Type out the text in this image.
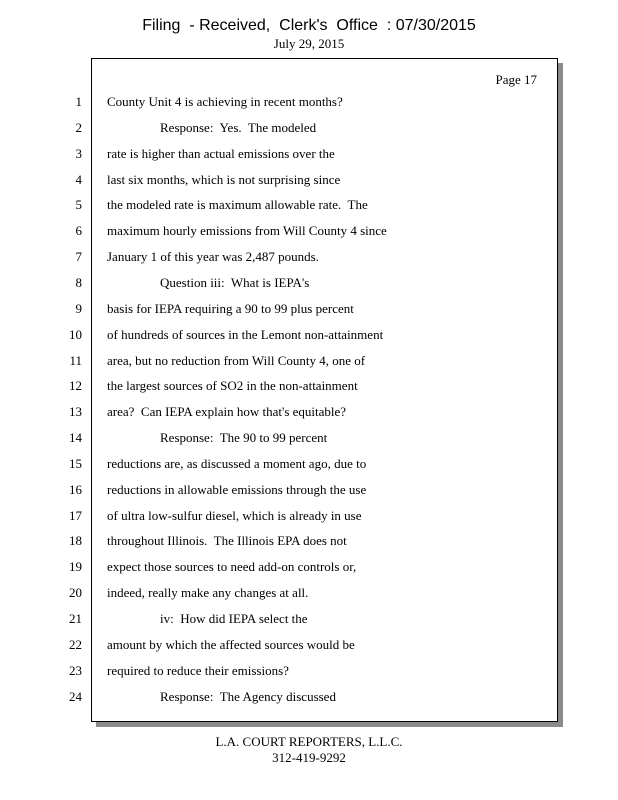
Filing  - Received,  Clerk's  Office  : 07/30/2015
July 29, 2015
Page 17
1 County Unit 4 is achieving in recent months?
2	Response:  Yes.  The modeled
3 rate is higher than actual emissions over the
4 last six months, which is not surprising since
5 the modeled rate is maximum allowable rate.  The
6 maximum hourly emissions from Will County 4 since
7 January 1 of this year was 2,487 pounds.
8	Question iii:  What is IEPA's
9 basis for IEPA requiring a 90 to 99 plus percent
10 of hundreds of sources in the Lemont non-attainment
11 area, but no reduction from Will County 4, one of
12 the largest sources of SO2 in the non-attainment
13 area?  Can IEPA explain how that's equitable?
14	Response:  The 90 to 99 percent
15 reductions are, as discussed a moment ago, due to
16 reductions in allowable emissions through the use
17 of ultra low-sulfur diesel, which is already in use
18 throughout Illinois.  The Illinois EPA does not
19 expect those sources to need add-on controls or,
20 indeed, really make any changes at all.
21	iv:  How did IEPA select the
22 amount by which the affected sources would be
23 required to reduce their emissions?
24	Response:  The Agency discussed
L.A. COURT REPORTERS, L.L.C.
312-419-9292
